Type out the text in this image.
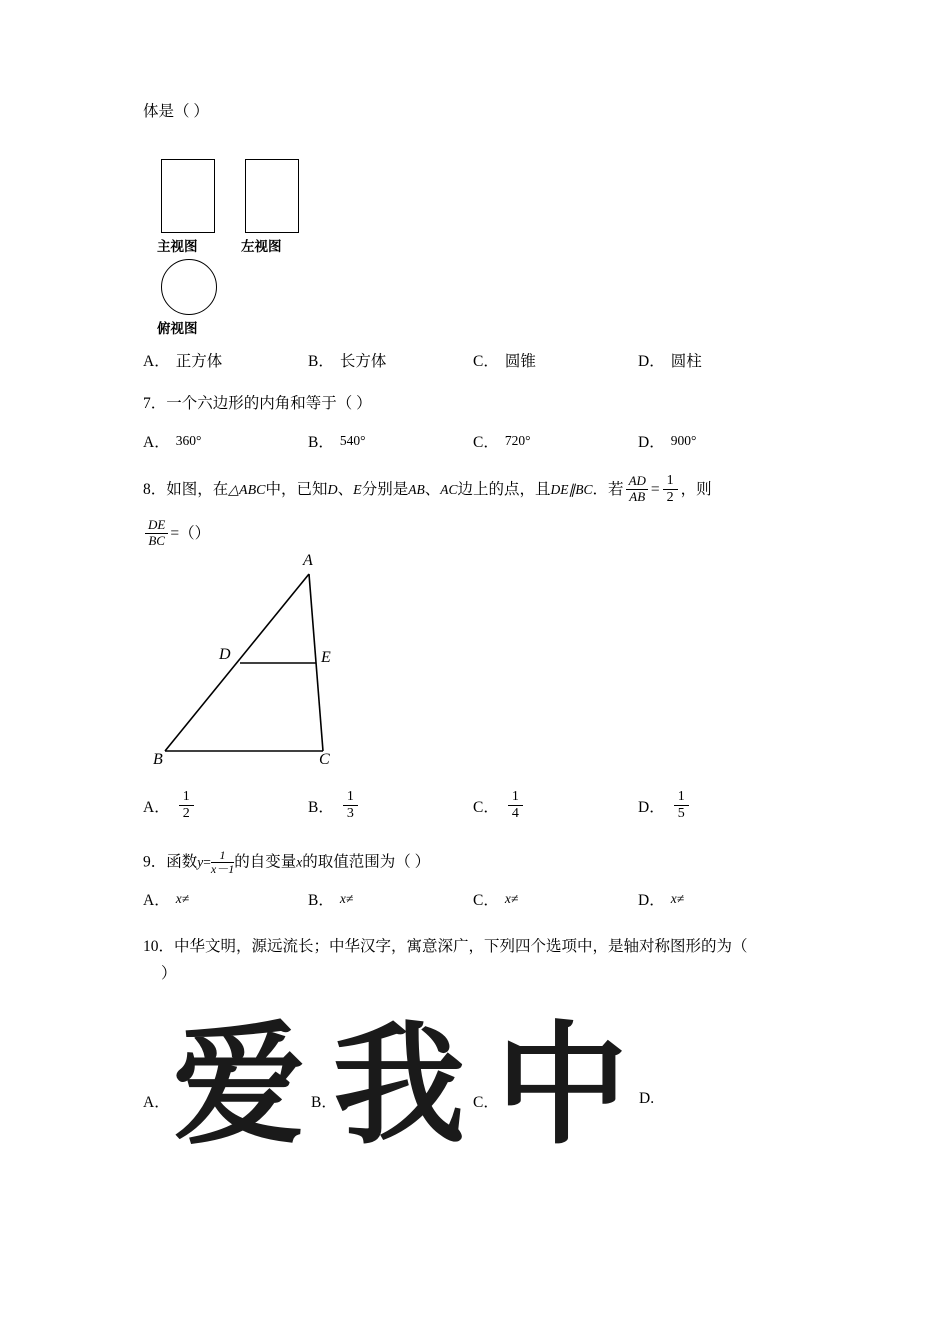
体是（ ）
主视图	左视图
俯视图
A． 正方体	B． 长方体	C． 圆锥	D． 圆柱
7．一个六边形的内角和等于（ ）
A． 360 °	B． 540 °	C． 720 °	D． 900 °
8．如图，在△ABC中，已知D、E分别是AB、AC边上的点，且DE∥BC．若 $\frac{AD}{AB} = \frac{1}{2}$ ，则
$\frac{DE}{BC}$ =（）
A
D	E
B	C
A． $\frac{1}{2}$	B． $\frac{1}{3}$	C． $\frac{1}{4}$	D． $\frac{1}{5}$
9．函数$y= \frac{1}{x-1}$ 的自变量x的取值范围为（ ）
A． x≠	B． x≠	C． x≠	D． x≠
10．中华文明，源远流长；中华汉字，寓意深广，下列四个选项中，是轴对称图形的为（
）
爱 我 中
A．	B．	C．	D.
